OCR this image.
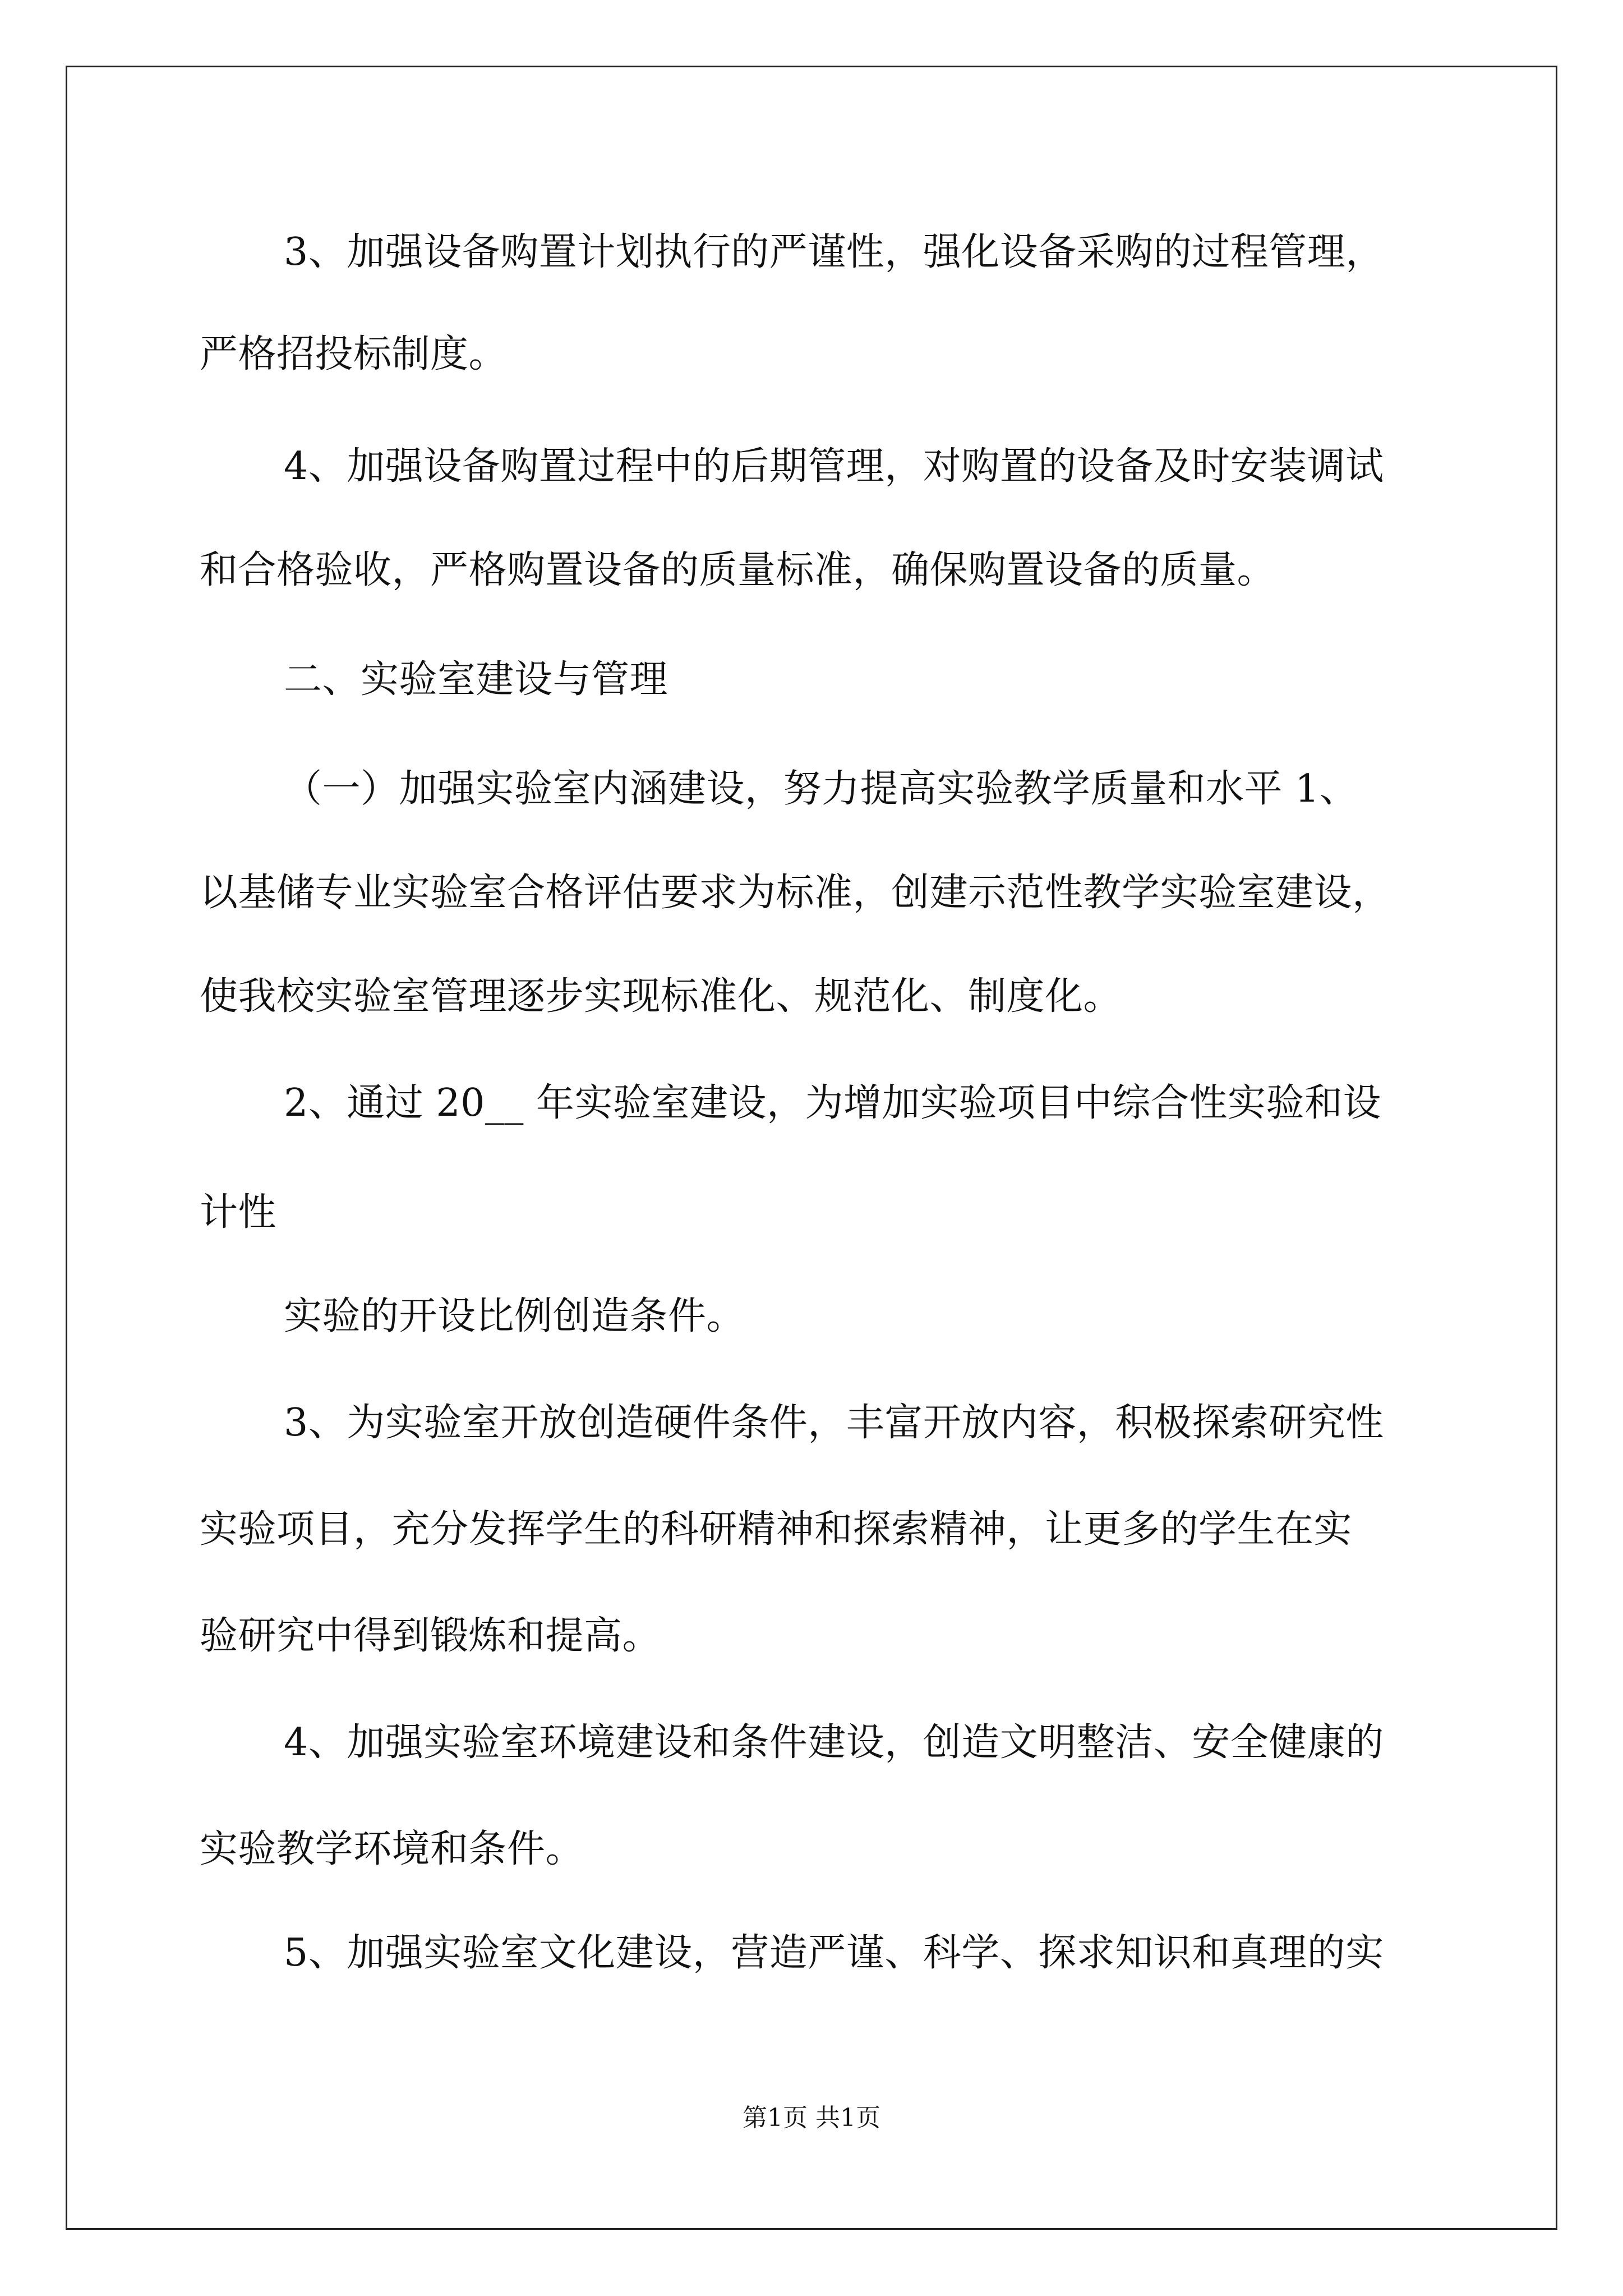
3、加强设备购置计划执行的严谨性，强化设备采购的过程管理，
严格招投标制度。
4、加强设备购置过程中的后期管理，对购置的设备及时安装调试
和合格验收，严格购置设备的质量标准，确保购置设备的质量。
二、实验室建设与管理
（一）加强实验室内涵建设，努力提高实验教学质量和水平 1、
以基储专业实验室合格评估要求为标准，创建示范性教学实验室建设，
使我校实验室管理逐步实现标准化、规范化、制度化。
2、通过 20__ 年实验室建设，为增加实验项目中综合性实验和设
计性
实验的开设比例创造条件。
3、为实验室开放创造硬件条件，丰富开放内容，积极探索研究性
实验项目，充分发挥学生的科研精神和探索精神，让更多的学生在实
验研究中得到锻炼和提高。
4、加强实验室环境建设和条件建设，创造文明整洁、安全健康的
实验教学环境和条件。
5、加强实验室文化建设，营造严谨、科学、探求知识和真理的实
第1页 共1页
